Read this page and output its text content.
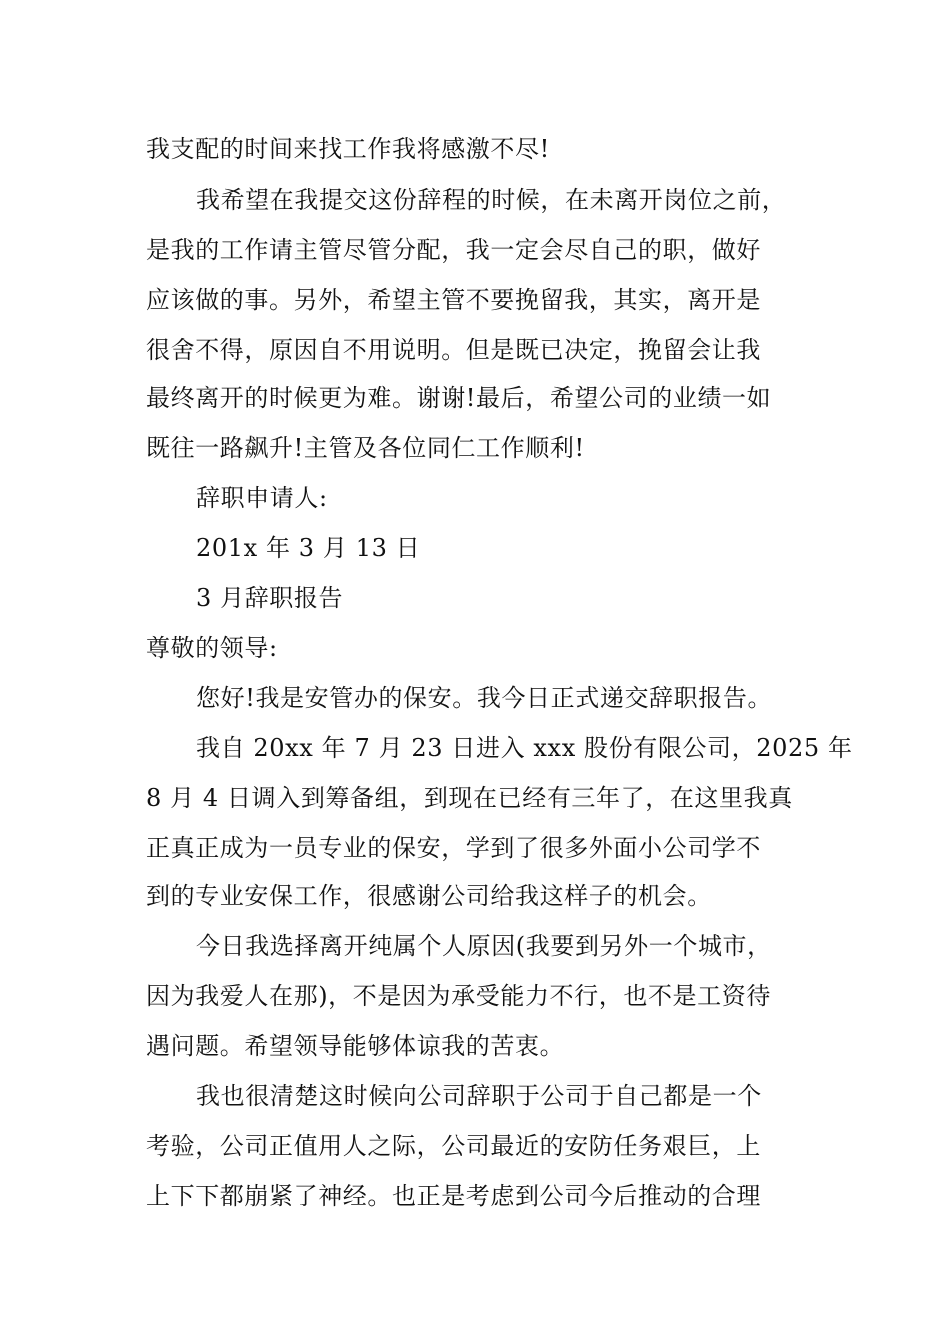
我支配的时间来找工作我将感激不尽!
我希望在我提交这份辞程的时候，在未离开岗位之前，
是我的工作请主管尽管分配，我一定会尽自己的职，做好
应该做的事。另外，希望主管不要挽留我，其实，离开是
很舍不得，原因自不用说明。但是既已决定，挽留会让我
最终离开的时候更为难。谢谢!最后，希望公司的业绩一如
既往一路飙升!主管及各位同仁工作顺利!
辞职申请人:
201x 年 3 月 13 日
3 月辞职报告
尊敬的领导:
您好!我是安管办的保安。我今日正式递交辞职报告。
我自 20xx 年 7 月 23 日进入 xxx 股份有限公司，2025 年
8 月 4 日调入到筹备组，到现在已经有三年了，在这里我真
正真正成为一员专业的保安，学到了很多外面小公司学不
到的专业安保工作，很感谢公司给我这样子的机会。
今日我选择离开纯属个人原因(我要到另外一个城市，
因为我爱人在那)，不是因为承受能力不行，也不是工资待
遇问题。希望领导能够体谅我的苦衷。
我也很清楚这时候向公司辞职于公司于自己都是一个
考验，公司正值用人之际，公司最近的安防任务艰巨，上
上下下都崩紧了神经。也正是考虑到公司今后推动的合理
